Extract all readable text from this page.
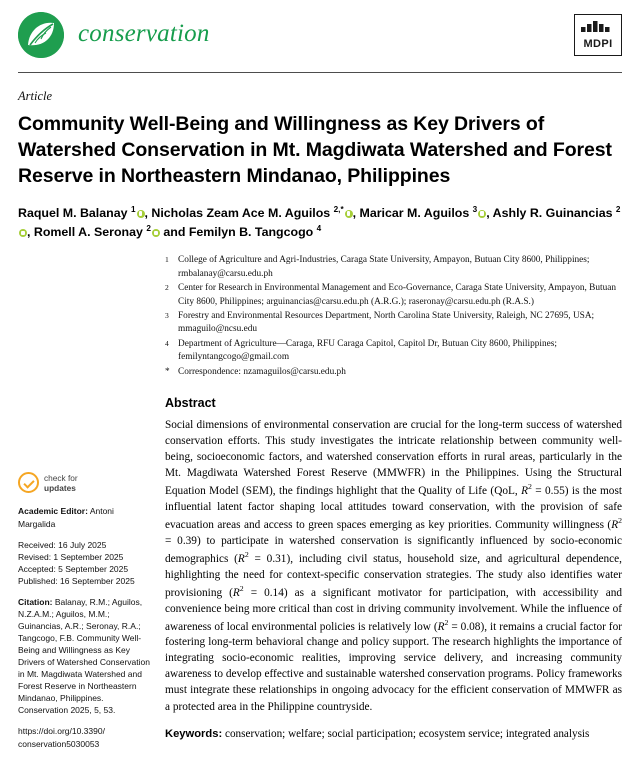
conservation	MDPI
Article
Community Well-Being and Willingness as Key Drivers of Watershed Conservation in Mt. Magdiwata Watershed and Forest Reserve in Northeastern Mindanao, Philippines
Raquel M. Balanay $^1$ , Nicholas Zeam Ace M. Aguilos $^{2,*}$ , Maricar M. Aguilos $^3$ , Ashly R. Guinancias $^2$, Romell A. Seronay $^2$ and Femilyn B. Tangcogo $^4$
check for
updates
Academic Editor: Antoni Margalida
Received: 16 July 2025
Revised: 1 September 2025
Accepted: 5 September 2025
Published: 16 September 2025
Citation: Balanay, R.M.; Aguilos, N.Z.A.M.; Aguilos, M.M.; Guinancias, A.R.; Seronay, R.A.; Tangcogo, F.B. Community Well-Being and Willingness as Key Drivers of Watershed Conservation in Mt. Magdiwata Watershed and Forest Reserve in Northeastern Mindanao, Philippines. Conservation 2025, 5, 53.
https://doi.org/10.3390/
conservation5030053
1 College of Agriculture and Agri-Industries, Caraga State University, Ampayon, Butuan City 8600, Philippines; rmbalanay@carsu.edu.ph
2 Center for Research in Environmental Management and Eco-Governance, Caraga State University, Ampayon, Butuan City 8600, Philippines; arguinancias@carsu.edu.ph (A.R.G.); raseronay@carsu.edu.ph (R.A.S.)
3 Forestry and Environmental Resources Department, North Carolina State University, Raleigh, NC 27695, USA; mmaguilo@ncsu.edu
4 Department of Agriculture—Caraga, RFU Caraga Capitol, Capitol Dr, Butuan City 8600, Philippines; femilyntangcogo@gmail.com
* Correspondence: nzamaguilos@carsu.edu.ph
Abstract
Social dimensions of environmental conservation are crucial for the long-term success of watershed conservation efforts. This study investigates the intricate relationship between community well-being, socioeconomic factors, and watershed conservation efforts in rural areas, particularly in the Mt. Magdiwata Watershed Forest Reserve (MMWFR) in the Philippines. Using the Structural Equation Model (SEM), the findings highlight that the Quality of Life (QoL, $R^2 = 0.55$) is the most influential latent factor shaping local attitudes toward conservation, with the provision of safe evacuation areas and access to green spaces emerging as key priorities. Community willingness $(R^2 = 0.39)$ to participate in watershed conservation is significantly influenced by socio-economic demographics $(R^2 = 0.31)$, including civil status, household size, and agricultural dependence, highlighting the need for context-specific conservation strategies. The study also identifies water provisioning $(R^2 = 0.14)$ as a significant motivator for participation, with accessibility and convenience being more critical than cost in driving community involvement. While the influence of awareness of local environmental policies is relatively low $(R^2 = 0.08)$, it remains a crucial factor for fostering long-term behavioral change and policy support. The research highlights the importance of integrating socio-economic realities, improving service delivery, and increasing community awareness to develop effective and sustainable watershed conservation programs. Policy frameworks must integrate these relationships in ongoing advocacy for the efficient conservation of MMWFR as a protected area in the Philippine countryside.
Keywords: conservation; welfare; social participation; ecosystem service; integrated analysis
